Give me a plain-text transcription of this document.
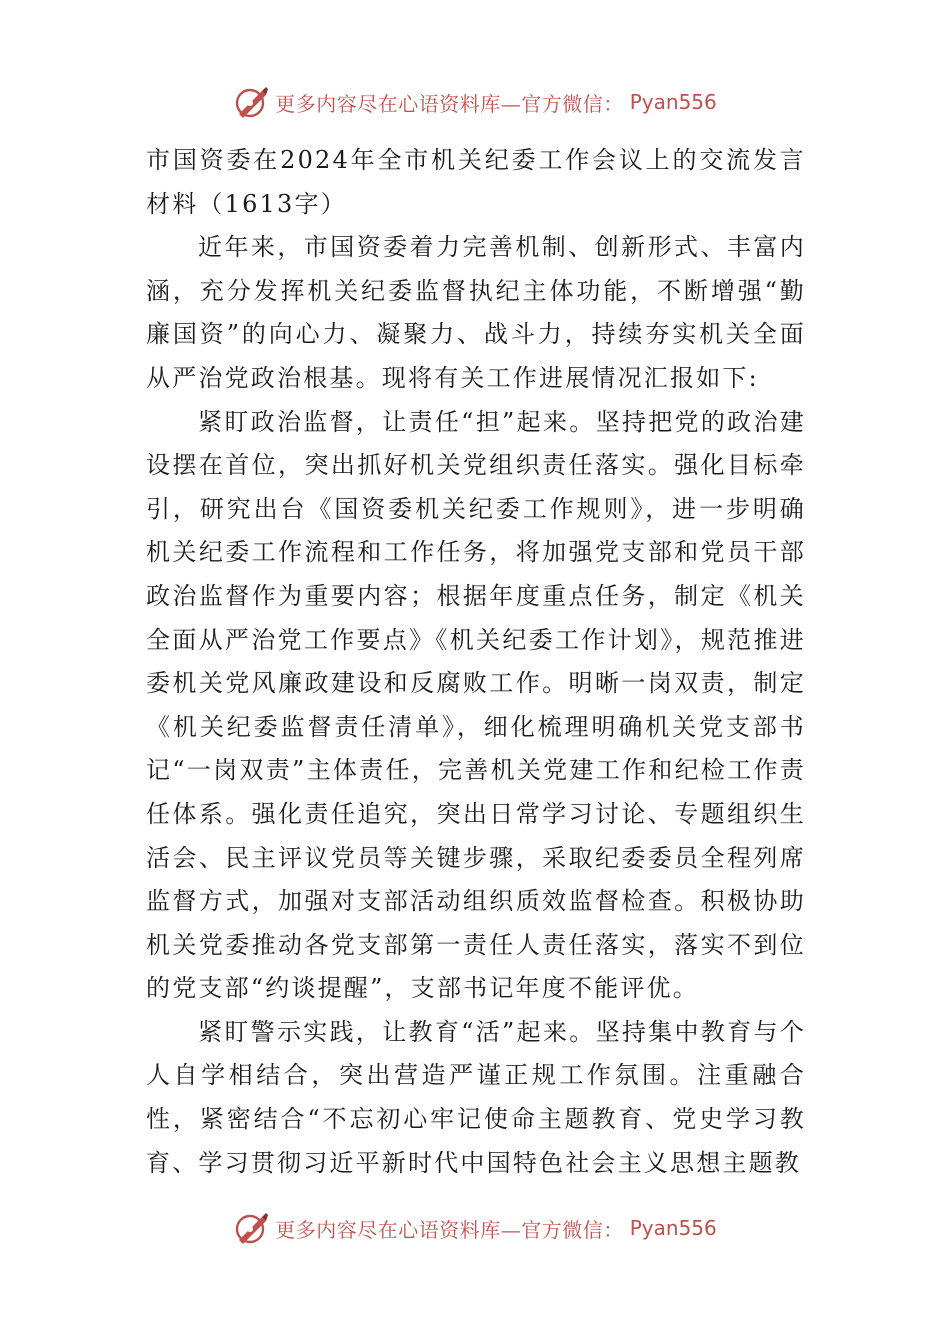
更多内容尽在心语资料库—官方微信： Pyan556

市国资委在2024年全市机关纪委工作会议上的交流发言材料（1613字）

近年来，市国资委着力完善机制、创新形式、丰富内涵，充分发挥机关纪委监督执纪主体功能，不断增强“勤廉国资”的向心力、凝聚力、战斗力，持续夯实机关全面从严治党政治根基。现将有关工作进展情况汇报如下:

紧盯政治监督，让责任“担”起来。坚持把党的政治建设摆在首位，突出抓好机关党组织责任落实。强化目标牵引，研究出台《国资委机关纪委工作规则》，进一步明确机关纪委工作流程和工作任务，将加强党支部和党员干部政治监督作为重要内容；根据年度重点任务，制定《机关全面从严治党工作要点》《机关纪委工作计划》，规范推进委机关党风廉政建设和反腐败工作。明晰一岗双责，制定《机关纪委监督责任清单》，细化梳理明确机关党支部书记“一岗双责”主体责任，完善机关党建工作和纪检工作责任体系。强化责任追究，突出日常学习讨论、专题组织生活会、民主评议党员等关键步骤，采取纪委委员全程列席监督方式，加强对支部活动组织质效监督检查。积极协助机关党委推动各党支部第一责任人责任落实，落实不到位的党支部“约谈提醒”，支部书记年度不能评优。

紧盯警示实践，让教育“活”起来。坚持集中教育与个人自学相结合，突出营造严谨正规工作氛围。注重融合性，紧密结合“不忘初心牢记使命主题教育、党史学习教育、学习贯彻习近平新时代中国特色社会主义思想主题教

更多内容尽在心语资料库—官方微信： Pyan556
